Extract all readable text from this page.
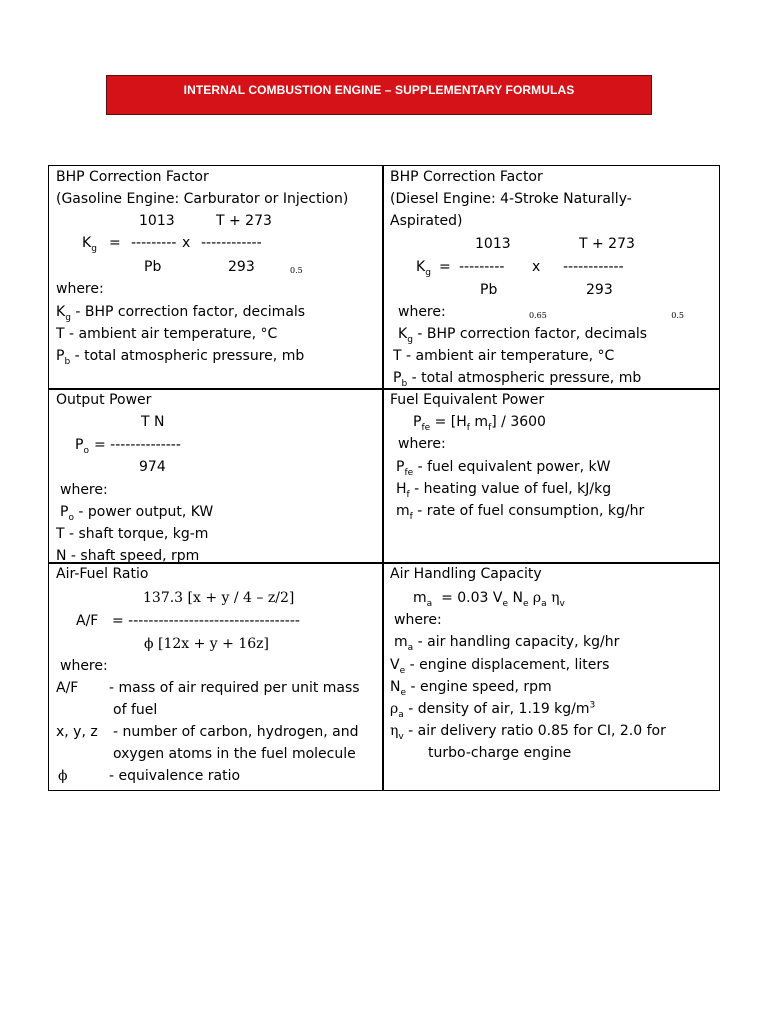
INTERNAL COMBUSTION ENGINE – SUPPLEMENTARY FORMULAS
BHP Correction Factor
(Gasoline Engine: Carburator or Injection)
1013	T + 273
$_{0.5}$
$K_g$ = --------- x ------------
Pb	293
where:
$K_g$ - BHP correction factor, decimals
T - ambient air temperature, °C
$P_b$ - total atmospheric pressure, mb
BHP Correction Factor
(Diesel Engine: 4-Stroke Naturally-
Aspirated)
1013
$_{0.65}$
T + 273
$_{0.5}$
$K_g$ = --------- x ------------
Pb	293
where:
$K_g$ - BHP correction factor, decimals
T - ambient air temperature, °C
$P_b$ - total atmospheric pressure, mb
Output Power
T N
$P_o$ = --------------
974
where:
$P_o$ - power output, KW
T - shaft torque, kg-m
N - shaft speed, rpm
Fuel Equivalent Power
$P_{fe} = [H_f$ $m_f] / 3600$
where:
$P_{fe}$ - fuel equivalent power, kW
$H_f$ - heating value of fuel, kJ/kg
$m_f$ - rate of fuel consumption, kg/hr
Air-Fuel Ratio
137.3 [x + y / 4 – z/2]
A/F = ----------------------------------
ϕ [12x + y + 16z]
where:
A/F - mass of air required per unit mass
of fuel
x, y, z - number of carbon, hydrogen, and
oxygen atoms in the fuel molecule
ϕ	- equivalence ratio
Air Handling Capacity
$m_a = 0.03$ $V_e$ $N_e$ $\rho_a$ $\eta_v$
where:
$m_a$ - air handling capacity, kg/hr
$V_e$ - engine displacement, liters
$N_e$ - engine speed, rpm
$\rho_a$ - density of air, 1.19 $kg/m^3$
$\eta_v$ - air delivery ratio 0.85 for CI, 2.0 for
turbo-charge engine
